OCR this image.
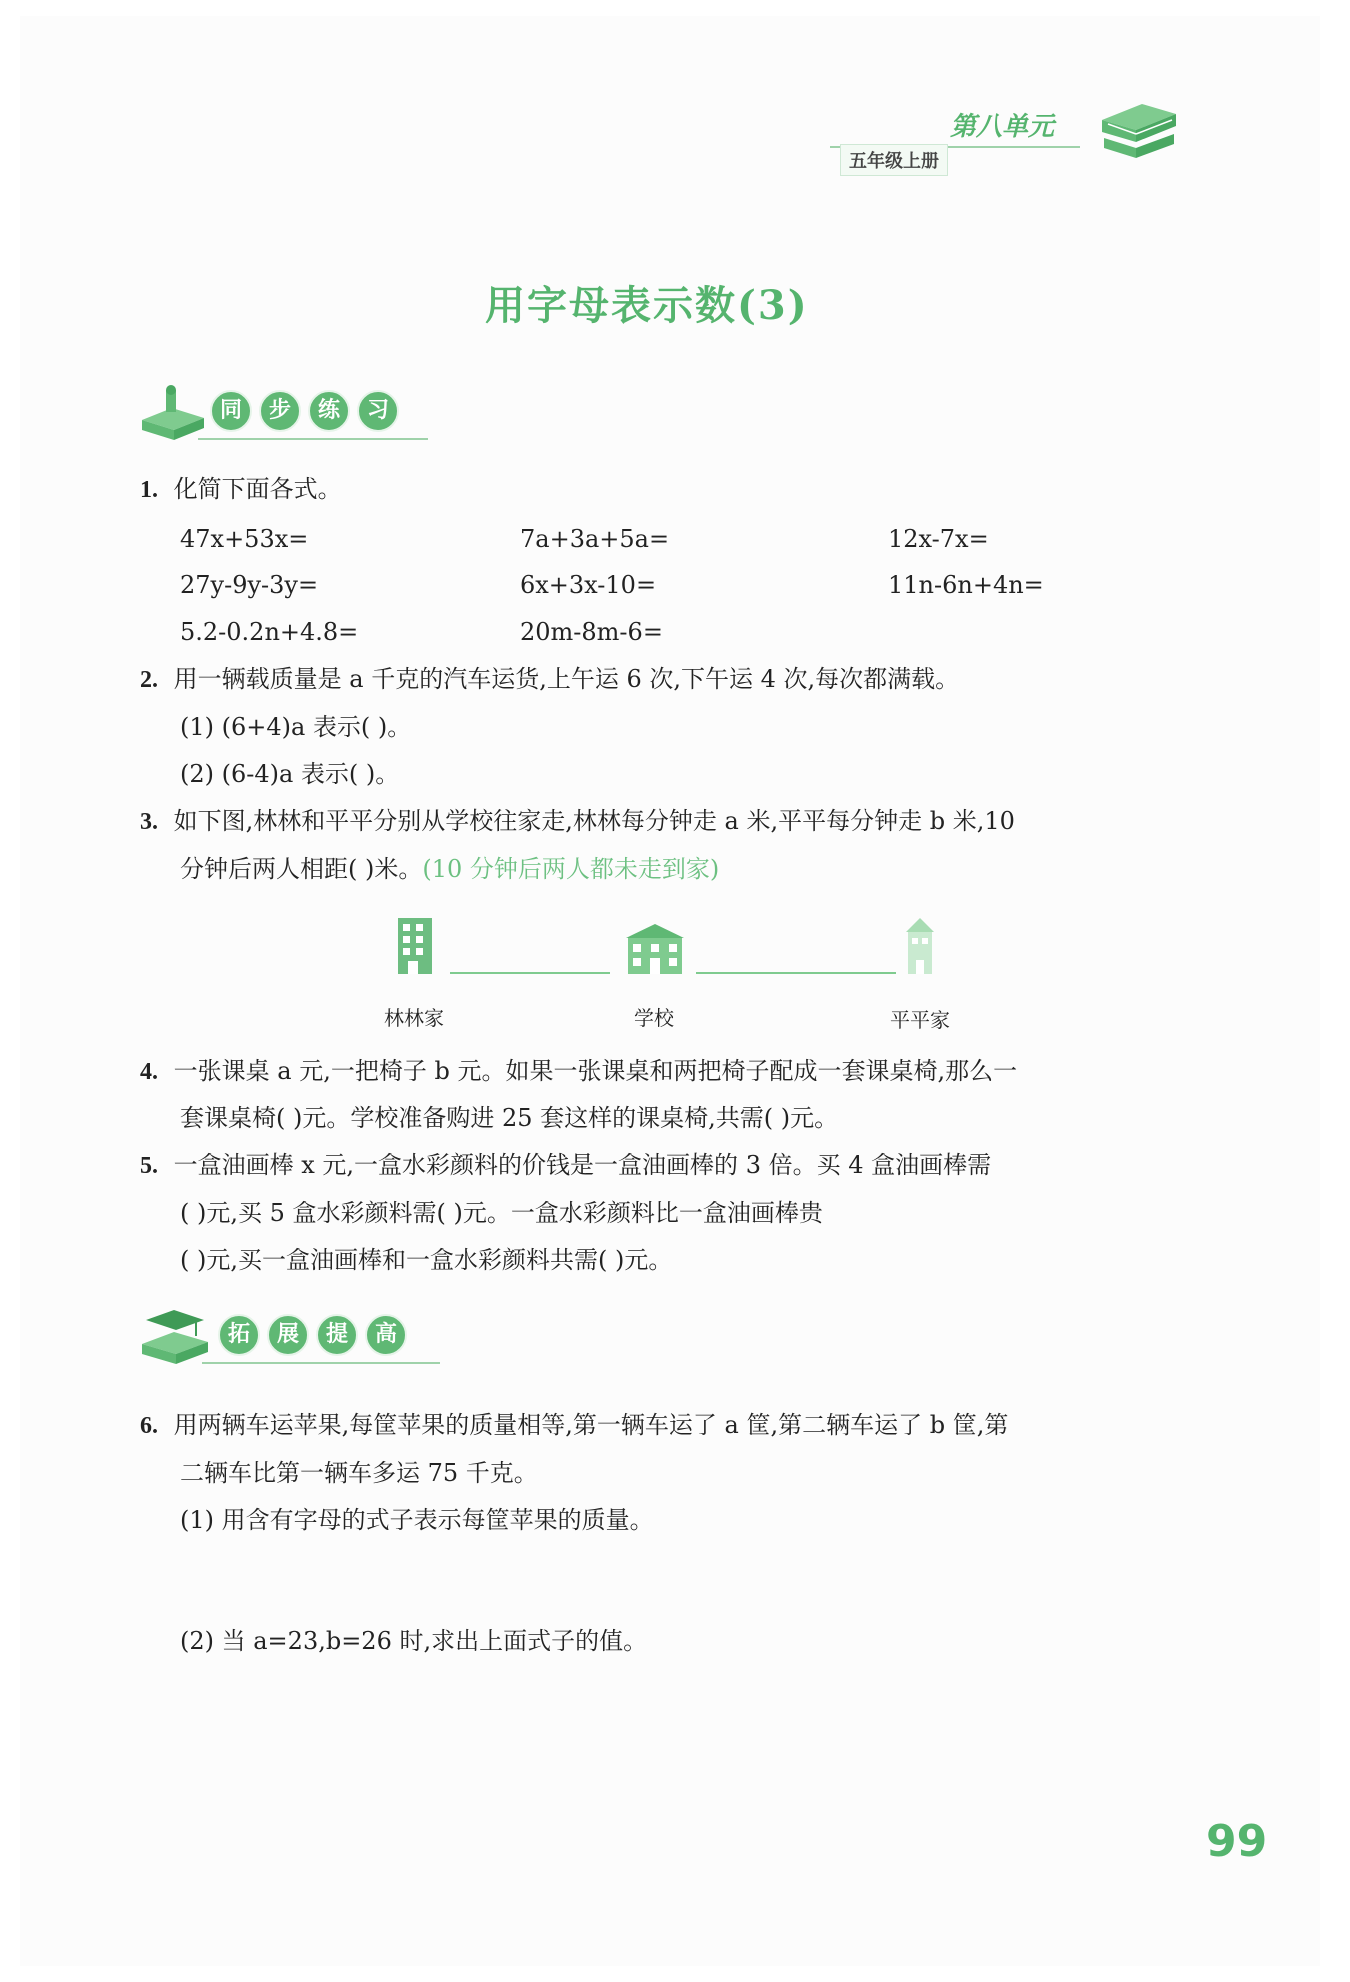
五年级上册
第八单元
用字母表示数(3)
同 步 练 习
1. 化简下面各式。
47x+53x=	7a+3a+5a=	12x-7x=
27y-9y-3y=	6x+3x-10=	11n-6n+4n=
5.2-0.2n+4.8=	20m-8m-6=
2. 用一辆载质量是 a 千克的汽车运货,上午运 6 次,下午运 4 次,每次都满载。
(1) (6+4)a 表示( )。
(2) (6-4)a 表示( )。
3. 如下图,林林和平平分别从学校往家走,林林每分钟走 a 米,平平每分钟走 b 米,10
分钟后两人相距( )米。(10 分钟后两人都未走到家)
林林家	学校	平平家
4. 一张课桌 a 元,一把椅子 b 元。如果一张课桌和两把椅子配成一套课桌椅,那么一
套课桌椅( )元。学校准备购进 25 套这样的课桌椅,共需( )元。
5. 一盒油画棒 x 元,一盒水彩颜料的价钱是一盒油画棒的 3 倍。买 4 盒油画棒需
( )元,买 5 盒水彩颜料需( )元。一盒水彩颜料比一盒油画棒贵
( )元,买一盒油画棒和一盒水彩颜料共需( )元。
拓 展 提 高
6. 用两辆车运苹果,每筐苹果的质量相等,第一辆车运了 a 筐,第二辆车运了 b 筐,第
二辆车比第一辆车多运 75 千克。
(1) 用含有字母的式子表示每筐苹果的质量。
(2) 当 a=23,b=26 时,求出上面式子的值。
99
